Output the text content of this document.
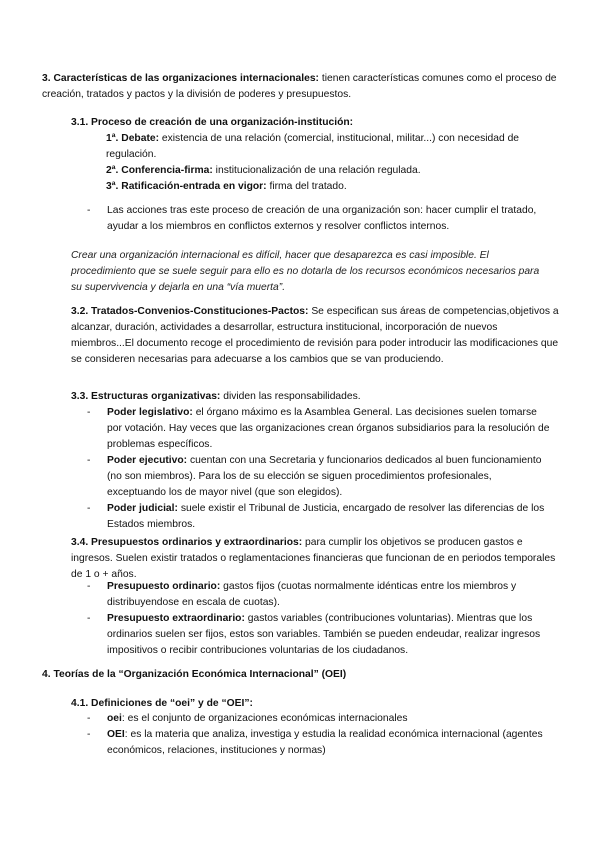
3. Características de las organizaciones internacionales: tienen características comunes como el proceso de creación, tratados y pactos y la división de poderes y presupuestos.

3.1. Proceso de creación de una organización-institución:

1ª. Debate: existencia de una relación (comercial, institucional, militar...) con necesidad de regulación.

2ª. Conferencia-firma: institucionalización de una relación regulada.

3ª. Ratificación-entrada en vigor: firma del tratado.

- Las acciones tras este proceso de creación de una organización son: hacer cumplir el tratado, ayudar a los miembros en conflictos externos y resolver conflictos internos.

Crear una organización internacional es difícil, hacer que desaparezca es casi imposible. El procedimiento que se suele seguir para ello es no dotarla de los recursos económicos necesarios para su supervivencia y dejarla en una “vía muerta”.

3.2. Tratados-Convenios-Constituciones-Pactos: Se especifican sus áreas de competencias,objetivos a alcanzar, duración, actividades a desarrollar, estructura institucional, incorporación de nuevos miembros...El documento recoge el procedimiento de revisión para poder introducir las modificaciones que se consideren necesarias para adecuarse a los cambios que se van produciendo.

3.3. Estructuras organizativas: dividen las responsabilidades.

- Poder legislativo: el órgano máximo es la Asamblea General. Las decisiones suelen tomarse por votación. Hay veces que las organizaciones crean órganos subsidiarios para la resolución de problemas específicos.
- Poder ejecutivo: cuentan con una Secretaria y funcionarios dedicados al buen funcionamiento (no son miembros). Para los de su elección se siguen procedimientos profesionales, exceptuando los de mayor nivel (que son elegidos).
- Poder judicial: suele existir el Tribunal de Justicia, encargado de resolver las diferencias de los Estados miembros.

3.4. Presupuestos ordinarios y extraordinarios: para cumplir los objetivos se producen gastos e ingresos. Suelen existir tratados o reglamentaciones financieras que funcionan de en periodos temporales de 1 o + años.

- Presupuesto ordinario: gastos fijos (cuotas normalmente idénticas entre los miembros y distribuyendose en escala de cuotas).
- Presupuesto extraordinario: gastos variables (contribuciones voluntarias). Mientras que los ordinarios suelen ser fijos, estos son variables. También se pueden endeudar, realizar ingresos impositivos o recibir contribuciones voluntarias de los ciudadanos.

4. Teorías de la “Organización Económica Internacional” (OEI)

4.1. Definiciones de “oei” y de “OEI”:

- oei: es el conjunto de organizaciones económicas internacionales
- OEI: es la materia que analiza, investiga y estudia la realidad económica internacional (agentes económicos, relaciones, instituciones y normas)
